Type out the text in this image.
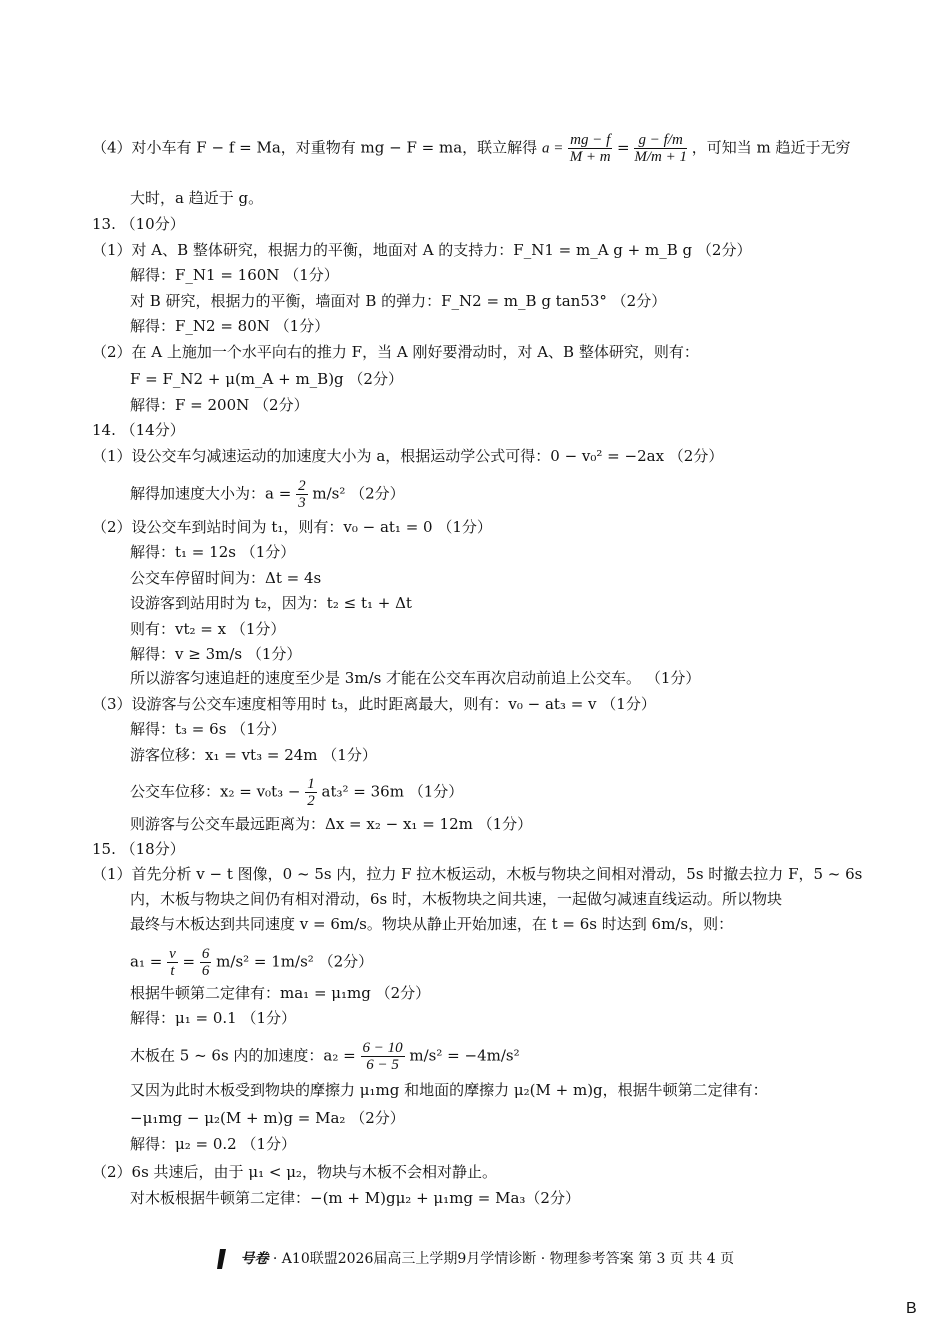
（4）对小车有 F − f = Ma，对重物有 mg − F = ma，联立解得 $a = \frac{mg - f}{M + m} = \frac{g - f/m}{M/m + 1}$ ，可知当 m 趋近于无穷
大时，a 趋近于 g。
13. （10分）
（1）对 A、B 整体研究，根据力的平衡，地面对 A 的支持力：F_N1 = m_A g + m_B g （2分）
解得：F_N1 = 160N （1分）
对 B 研究，根据力的平衡，墙面对 B 的弹力：F_N2 = m_B g tan53° （2分）
解得：F_N2 = 80N （1分）
（2）在 A 上施加一个水平向右的推力 F，当 A 刚好要滑动时，对 A、B 整体研究，则有：
F = F_N2 + μ(m_A + m_B)g （2分）
解得：F = 200N （2分）
14. （14分）
（1）设公交车匀减速运动的加速度大小为 a，根据运动学公式可得：0 − v₀² = −2ax （2分）
解得加速度大小为：$a = \frac{2}{3} m/s^2$ （2分）
（2）设公交车到站时间为 t₁，则有：v₀ − at₁ = 0 （1分）
解得：t₁ = 12s （1分）
公交车停留时间为：Δt = 4s
设游客到站用时为 t₂，因为：t₂ ≤ t₁ + Δt
则有：vt₂ = x （1分）
解得：v ≥ 3m/s （1分）
所以游客匀速追赶的速度至少是 3m/s 才能在公交车再次启动前追上公交车。 （1分）
（3）设游客与公交车速度相等用时 t₃，此时距离最大，则有：v₀ − at₃ = v （1分）
解得：t₃ = 6s （1分）
游客位移：x₁ = vt₃ = 24m （1分）
公交车位移：$x_2 = v_0t_3 - \frac{1}{2} at_3^2 = 36m$ （1分）
则游客与公交车最远距离为：Δx = x₂ − x₁ = 12m （1分）
15. （18分）
（1）首先分析 v − t 图像，0 ~ 5s 内，拉力 F 拉木板运动，木板与物块之间相对滑动，5s 时撤去拉力 F，5 ~ 6s
内，木板与物块之间仍有相对滑动，6s 时，木板物块之间共速，一起做匀减速直线运动。所以物块
最终与木板达到共同速度 v = 6m/s。物块从静止开始加速，在 t = 6s 时达到 6m/s，则：
$a_1 = \frac{v}{t} = \frac{6}{6} m/s^2 = 1m/s^2$ （2分）
根据牛顿第二定律有：ma₁ = μ₁mg （2分）
解得：μ₁ = 0.1 （1分）
木板在 5 ~ 6s 内的加速度：$a_2 = \frac{6 - 10}{6 - 5} m/s^2 = -4m/s^2$
又因为此时木板受到物块的摩擦力 μ₁mg 和地面的摩擦力 μ₂(M + m)g，根据牛顿第二定律有：
−μ₁mg − μ₂(M + m)g = Ma₂ （2分）
解得：μ₂ = 0.2 （1分）
（2）6s 共速后，由于 μ₁ < μ₂，物块与木板不会相对静止。
对木板根据牛顿第二定律：−(m + M)gμ₂ + μ₁mg = Ma₃（2分）
号卷 · A10联盟2026届高三上学期9月学情诊断 · 物理参考答案 第 3 页 共 4 页
B
